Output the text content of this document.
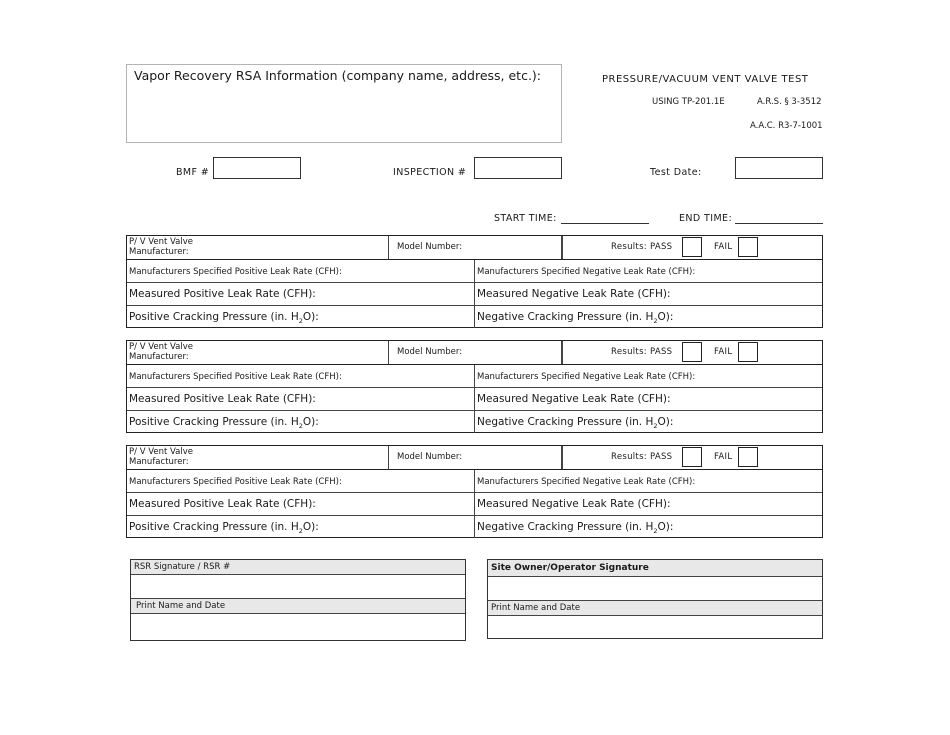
Vapor Recovery RSA Information (company name, address, etc.):	PRESSURE/VACUUM VENT VALVE TEST
USING TP-201.1E	A.R.S. § 3-3512
A.A.C. R3-7-1001
BMF #	INSPECTION #	Test Date:
START TIME:	END TIME:
P/ V Vent Valve
Manufacturer:	Model Number:	Results: PASS	FAIL
Manufacturers Specified Positive Leak Rate (CFH):	Manufacturers Specified Negative Leak Rate (CFH):
Measured Positive Leak Rate (CFH):	Measured Negative Leak Rate (CFH):
Positive Cracking Pressure (in. $H_2O$):	Negative Cracking Pressure (in. $H_2O$):
P/ V Vent Valve
Manufacturer:	Model Number:	Results: PASS	FAIL
Manufacturers Specified Positive Leak Rate (CFH):	Manufacturers Specified Negative Leak Rate (CFH):
Measured Positive Leak Rate (CFH):	Measured Negative Leak Rate (CFH):
Positive Cracking Pressure (in. $H_2O$):	Negative Cracking Pressure (in. $H_2O$):
P/ V Vent Valve
Manufacturer:	Model Number:	Results: PASS	FAIL
Manufacturers Specified Positive Leak Rate (CFH):	Manufacturers Specified Negative Leak Rate (CFH):
Measured Positive Leak Rate (CFH):	Measured Negative Leak Rate (CFH):
Positive Cracking Pressure (in. $H_2O$):	Negative Cracking Pressure (in. $H_2O$):
RSR Signature / RSR #
Print Name and Date
Site Owner/Operator Signature
Print Name and Date
